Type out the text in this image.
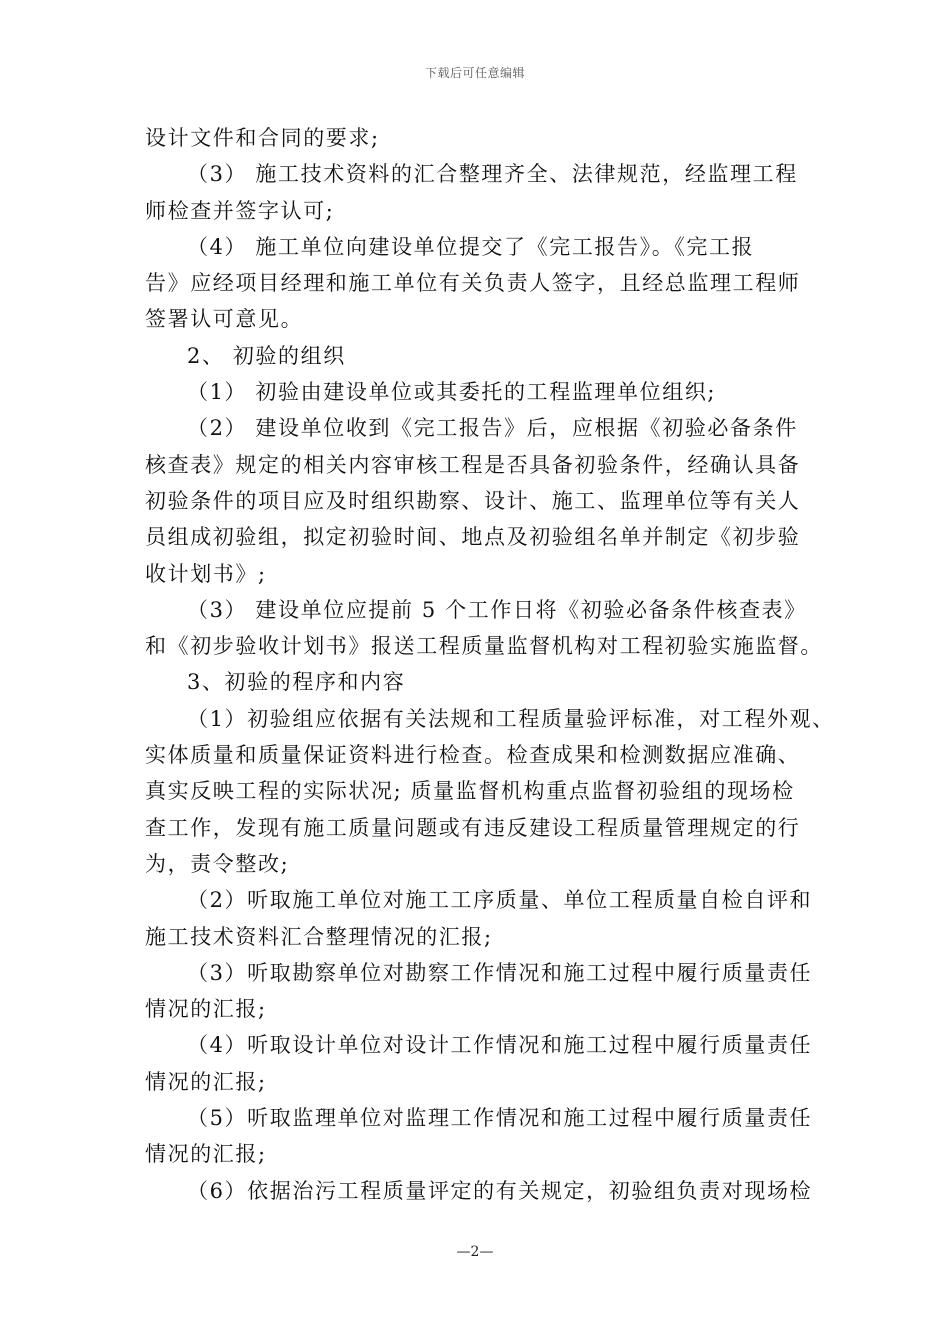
下载后可任意编辑
设计文件和合同的要求;
（3） 施工技术资料的汇合整理齐全、法律规范，经监理工程
师检查并签字认可;
（4） 施工单位向建设单位提交了《完工报告》。《完工报
告》应经项目经理和施工单位有关负责人签字，且经总监理工程师
签署认可意见。
2、 初验的组织
（1） 初验由建设单位或其委托的工程监理单位组织;
（2） 建设单位收到《完工报告》后，应根据《初验必备条件
核查表》规定的相关内容审核工程是否具备初验条件，经确认具备
初验条件的项目应及时组织勘察、设计、施工、监理单位等有关人
员组成初验组，拟定初验时间、地点及初验组名单并制定《初步验
收计划书》;
（3） 建设单位应提前 5 个工作日将《初验必备条件核查表》
和《初步验收计划书》报送工程质量监督机构对工程初验实施监督。
3、初验的程序和内容
（1）初验组应依据有关法规和工程质量验评标准，对工程外观、
实体质量和质量保证资料进行检查。检查成果和检测数据应准确、
真实反映工程的实际状况; 质量监督机构重点监督初验组的现场检
查工作，发现有施工质量问题或有违反建设工程质量管理规定的行
为，责令整改;
（2）听取施工单位对施工工序质量、单位工程质量自检自评和
施工技术资料汇合整理情况的汇报;
（3）听取勘察单位对勘察工作情况和施工过程中履行质量责任
情况的汇报;
（4）听取设计单位对设计工作情况和施工过程中履行质量责任
情况的汇报;
（5）听取监理单位对监理工作情况和施工过程中履行质量责任
情况的汇报;
（6）依据治污工程质量评定的有关规定，初验组负责对现场检
—2—
